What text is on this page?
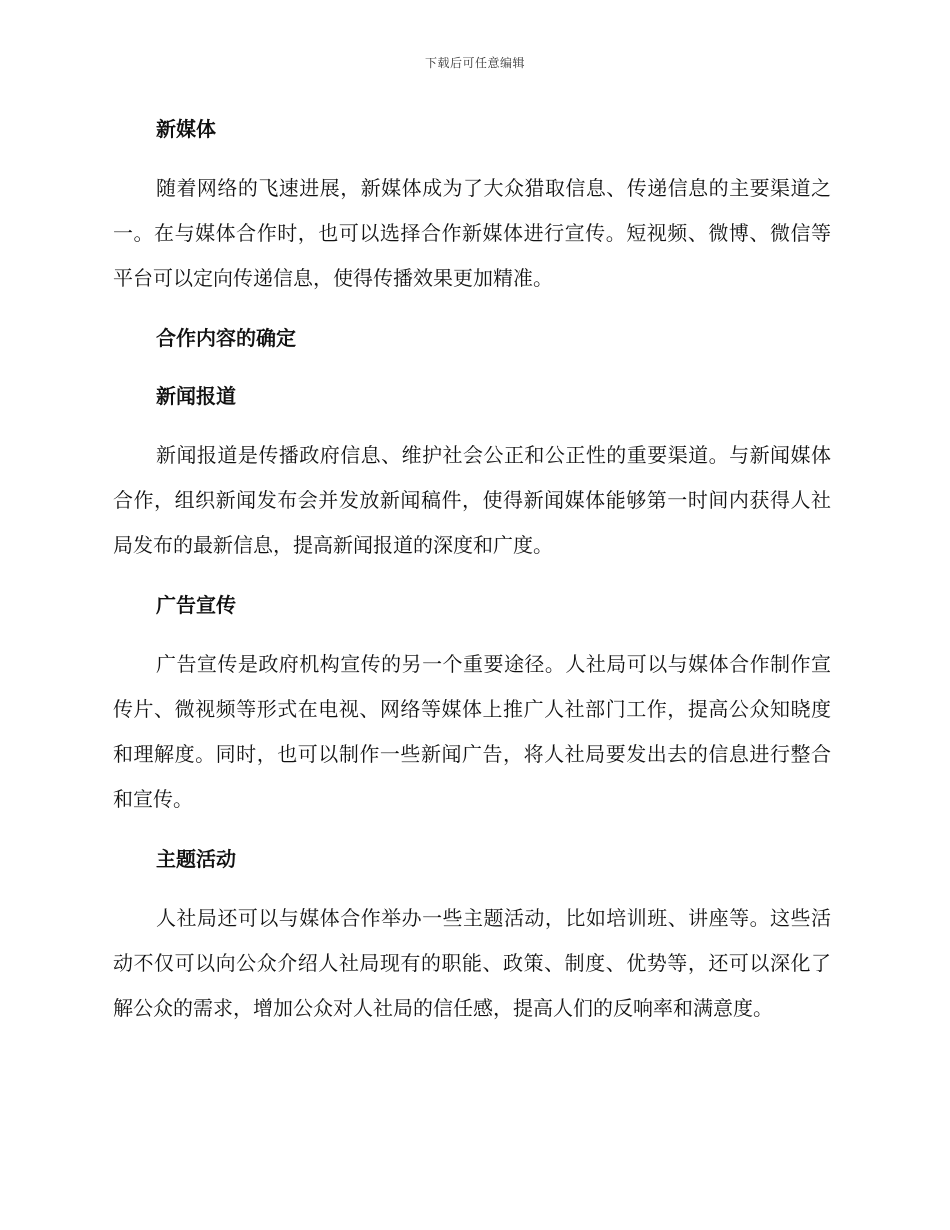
下载后可任意编辑
新媒体

随着网络的飞速进展，新媒体成为了大众猎取信息、传递信息的主要渠道之一。在与媒体合作时，也可以选择合作新媒体进行宣传。短视频、微博、微信等平台可以定向传递信息，使得传播效果更加精准。

合作内容的确定
新闻报道

新闻报道是传播政府信息、维护社会公正和公正性的重要渠道。与新闻媒体合作，组织新闻发布会并发放新闻稿件，使得新闻媒体能够第一时间内获得人社局发布的最新信息，提高新闻报道的深度和广度。

广告宣传

广告宣传是政府机构宣传的另一个重要途径。人社局可以与媒体合作制作宣传片、微视频等形式在电视、网络等媒体上推广人社部门工作，提高公众知晓度和理解度。同时，也可以制作一些新闻广告，将人社局要发出去的信息进行整合和宣传。

主题活动

人社局还可以与媒体合作举办一些主题活动，比如培训班、讲座等。这些活动不仅可以向公众介绍人社局现有的职能、政策、制度、优势等，还可以深化了解公众的需求，增加公众对人社局的信任感，提高人们的反响率和满意度。
